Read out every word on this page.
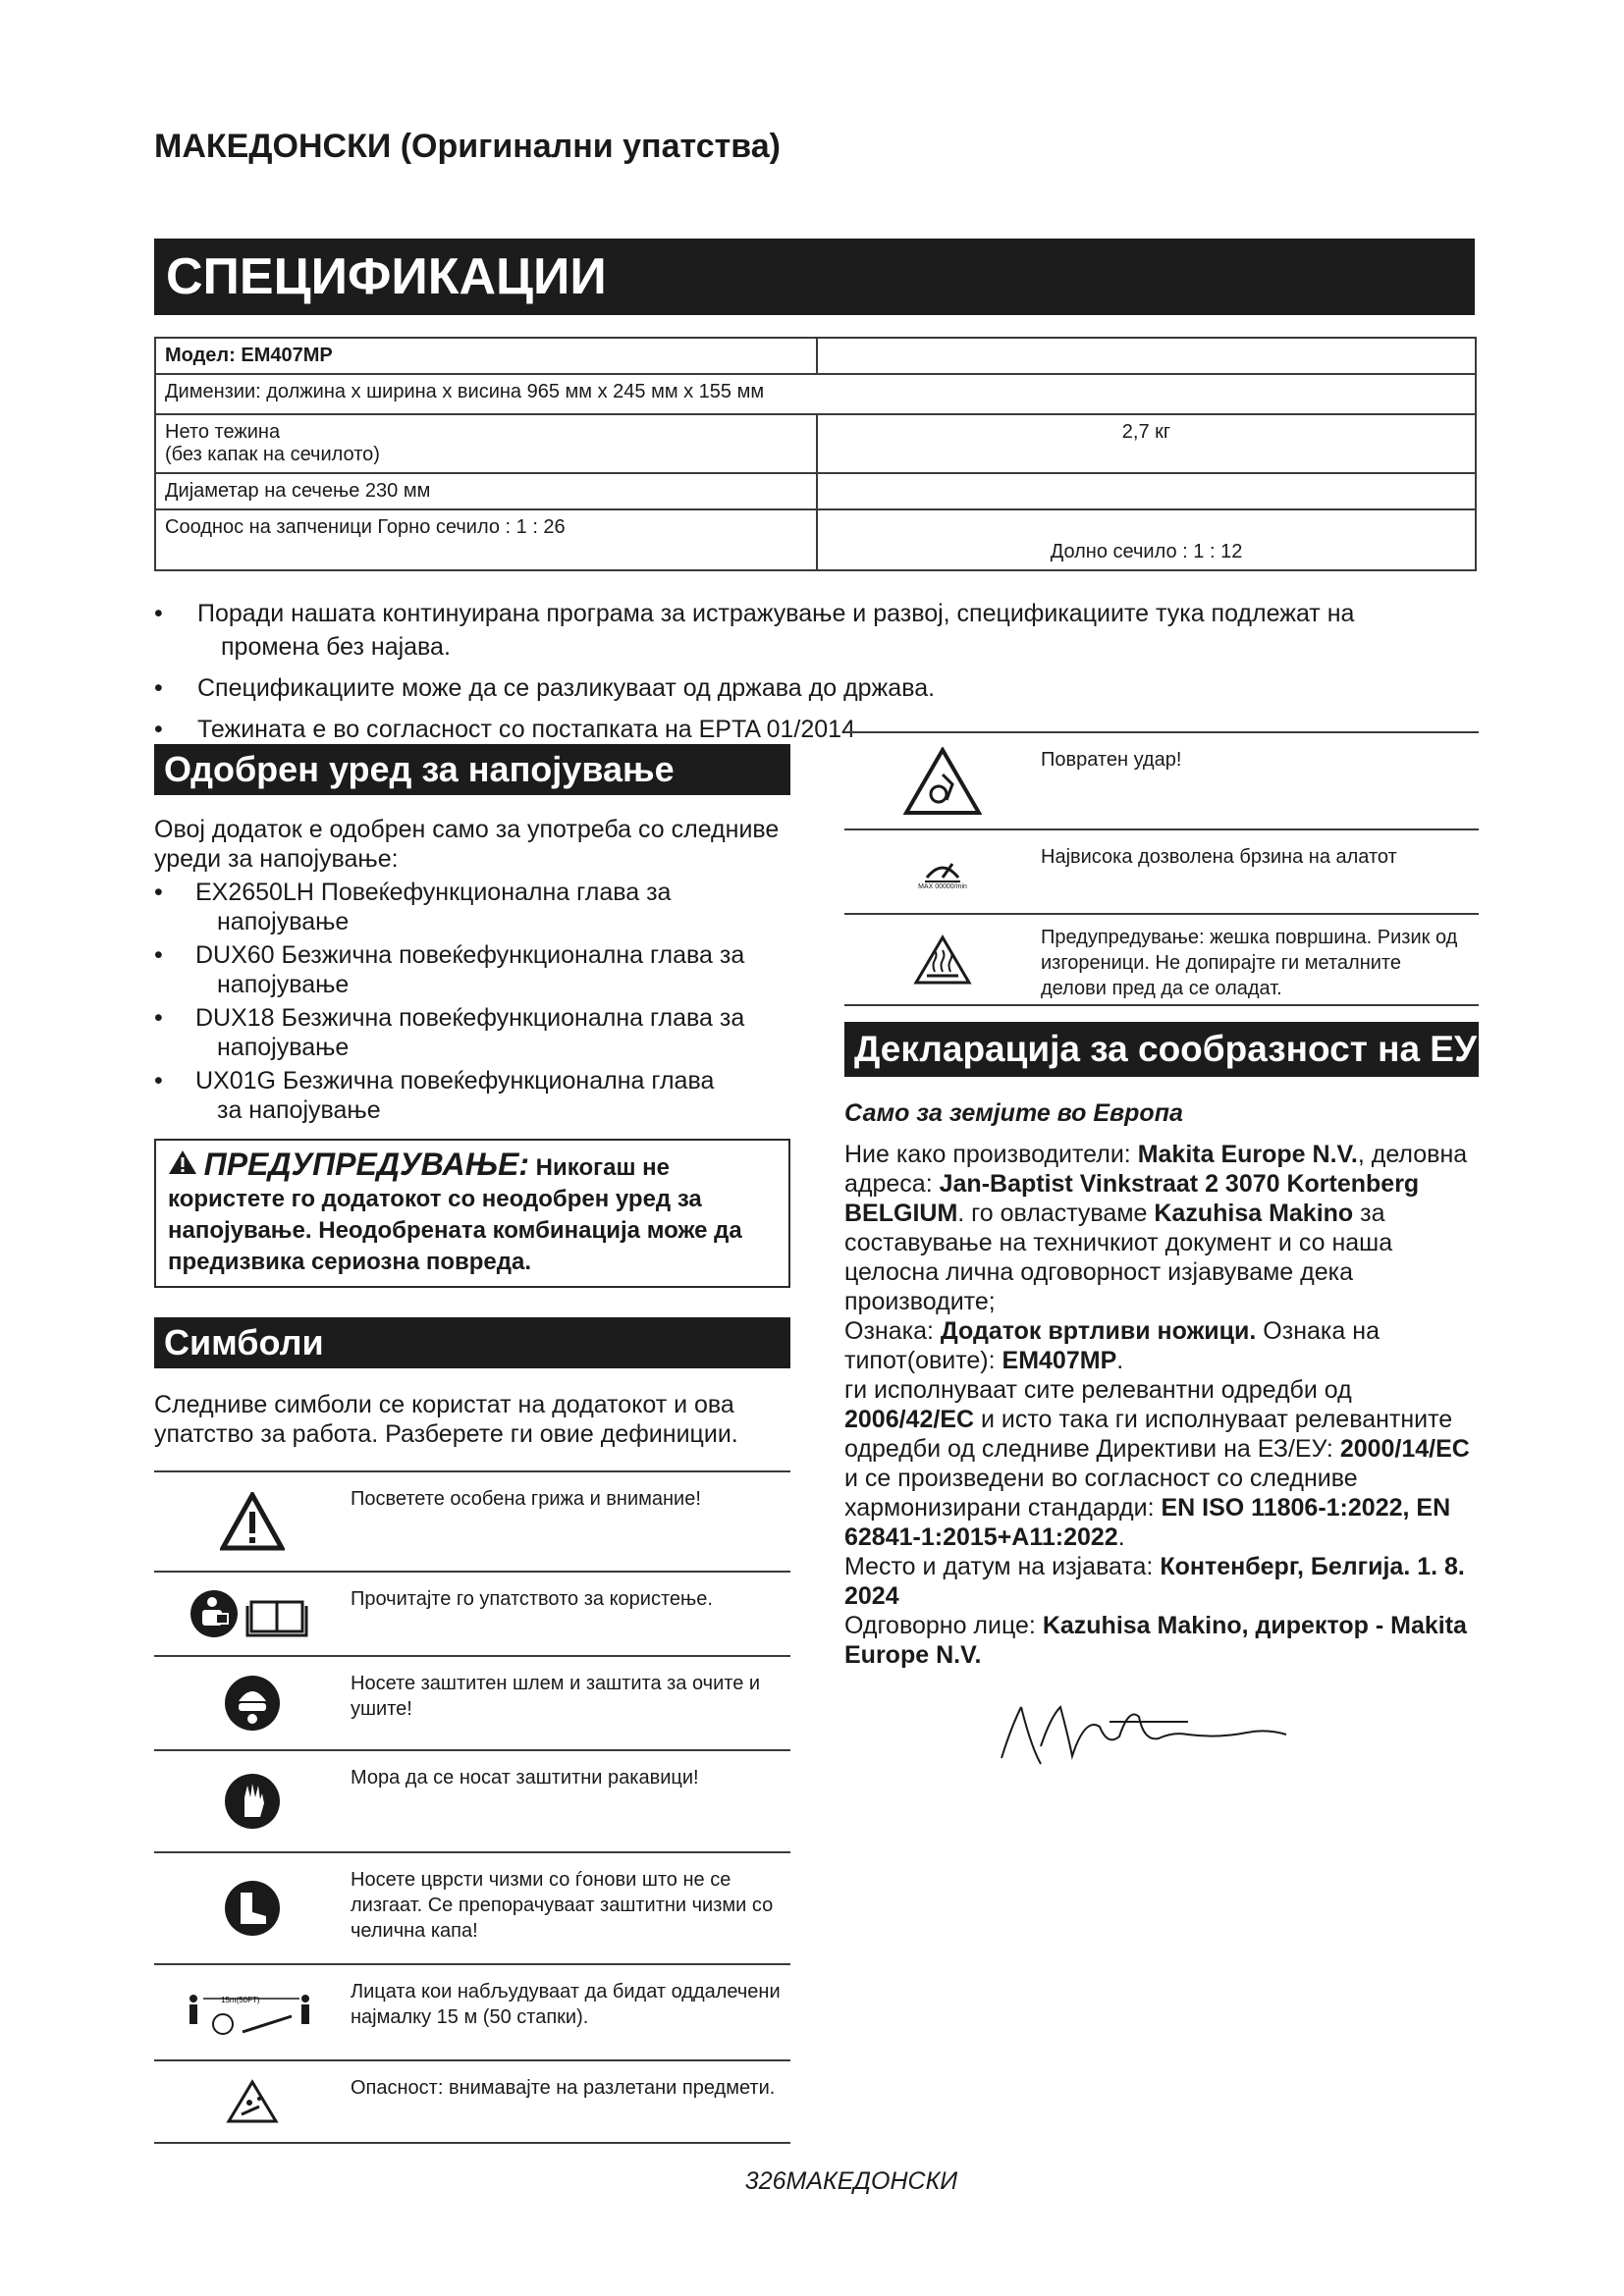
МАКЕДОНСКИ (Оригинални упатства)
СПЕЦИФИКАЦИИ
Модел: EM407MP	
Димензии: должина x ширина x висина 965 мм x 245 мм x 155 мм	

Нето тежина
(без капак на сечилото)	2,7 кг
Дијаметар на сечење 230 мм	
Сооднос на запченици Горно сечило : 1 : 26	Долно сечило : 1 : 12
• Поради нашата континуирана програма за истражување и развој, спецификациите тука подлежат на
промена без најава.
• Спецификациите може да се разликуваат од држава до држава.
• Тежината е во согласност со постапката на EPTA 01/2014
Одобрен уред за напојување
Овој додаток е одобрен само за употреба со следниве уреди за напојување:
• EX2650LH Повеќефункционална глава за
напојување
• DUX60 Безжична повеќефункционална глава за
напојување
• DUX18 Безжична повеќефункционална глава за
напојување
• UX01G Безжична повеќефункционална глава
за напојување
ПРЕДУПРЕДУВАЊЕ: Никогаш не користете го додатокот со неодобрен уред за напојување. Неодобрената комбинација може да предизвика сериозна повреда.
Симболи
Следниве симболи се користат на додатокот и ова упатство за работа. Разберете ги овие дефиниции.
Посветете особена грижа и внимание!
Прочитајте го упатството за користење.
Носете заштитен шлем и заштита за очите и ушите!
Мора да се носат заштитни ракавици!
Носете цврсти чизми со ѓонови што не се лизгаат. Се препорачуваат заштитни чизми со челична капа!
15m(50FT)	Лицата кои набљудуваат да бидат оддалечени најмалку 15 м (50 стапки).
Опасност: внимавајте на разлетани предмети.
Повратен удар!
MAX 00000/min
Највисока дозволена брзина на алатот
Предупредување: жешка површина. Ризик од изгореници. Не допирајте ги металните делови пред да се оладат.
Декларација за сообразност на ЕУ
Само за земјите во Европа
Ние како производители: Makita Europe N.V., деловна адреса: Jan-Baptist Vinkstraat 2 3070 Kortenberg BELGIUM. го овластуваме Kazuhisa Makino за составување на техничкиот документ и со наша целосна лична одговорност изјавуваме дека производите;
Ознака: Додаток вртливи ножици. Ознака на типот(овите): EM407MP.
ги исполнуваат сите релевантни одредби од 2006/42/EC и исто така ги исполнуваат релевантните одредби од следниве Директиви на ЕЗ/ЕУ: 2000/14/EC и се произведени во согласност со следниве хармонизирани стандарди: EN ISO 11806-1:2022, EN 62841-1:2015+A11:2022.
Место и датум на изјавата: Контенберг, Белгија. 1. 8. 2024
Одговорно лице: Kazuhisa Makino, директор - Makita Europe N.V.
326МАКЕДОНСКИ
